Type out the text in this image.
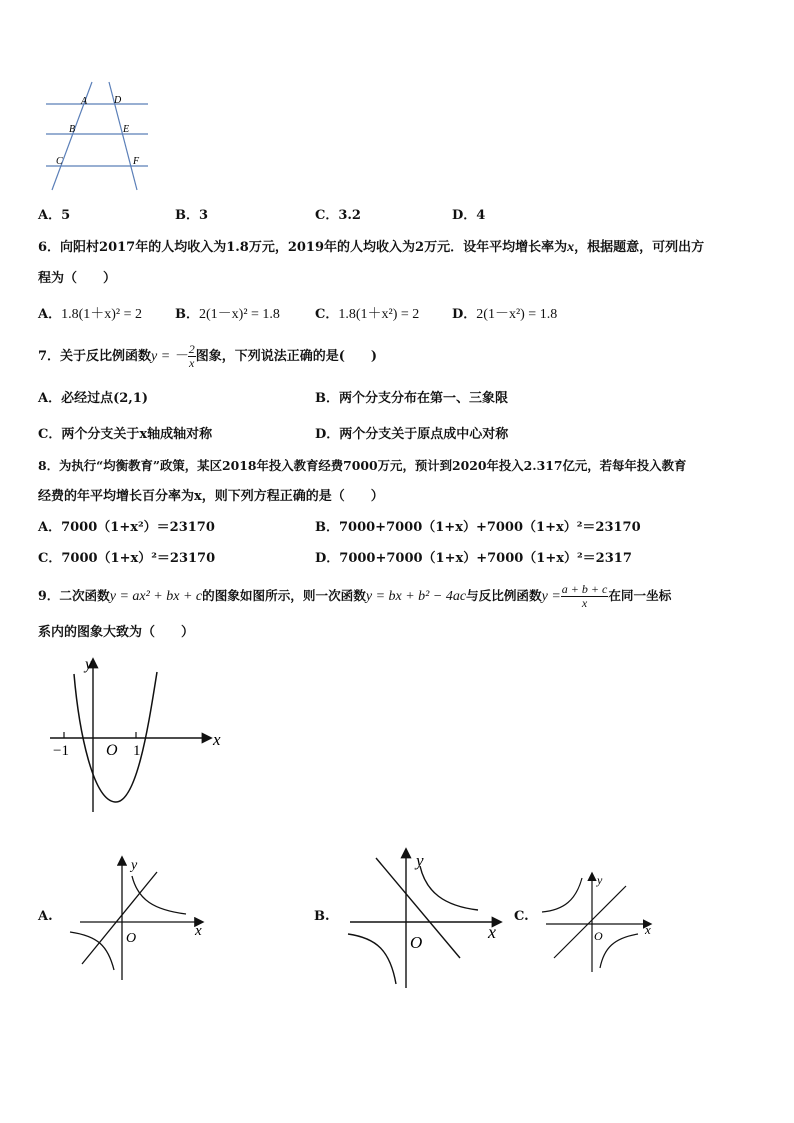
A	D
B	E
C	F
A．5	B．3	C．3.2	D．4
6．向阳村2017年的人均收入为1.8万元，2019年的人均收入为2万元．设年平均增长率为x，根据题意，可列出方
程为（　　）
A．1.8(1＋x)² = 2	B．2(1－x)² = 1.8	C．1.8(1＋x²) = 2	D．2(1－x²) = 1.8
7．关于反比例函数y = － $\frac{2}{x}$ 图象，下列说法正确的是(　　)
A．必经过点(2,1)	B．两个分支分布在第一、三象限
C．两个分支关于x轴成轴对称	D．两个分支关于原点成中心对称
8．为执行“均衡教育”政策，某区2018年投入教育经费7000万元，预计到2020年投入2.317亿元，若每年投入教育
经费的年平均增长百分率为x，则下列方程正确的是（　　）
A．7000（1+x²）＝23170	B．7000+7000（1+x）+7000（1+x）²＝23170
C．7000（1+x）²＝23170	D．7000+7000（1+x）+7000（1+x）²＝2317
9．二次函数y = ax² + bx + c的图象如图所示，则一次函数y = bx + b² − 4ac与反比例函数$y = \frac{a + b + c}{x}$ 在同一坐标
系内的图象大致为（　　）
y
x
−1 O 1
A.
y
x
O
B.
y
x
O
C.
y
x
O
